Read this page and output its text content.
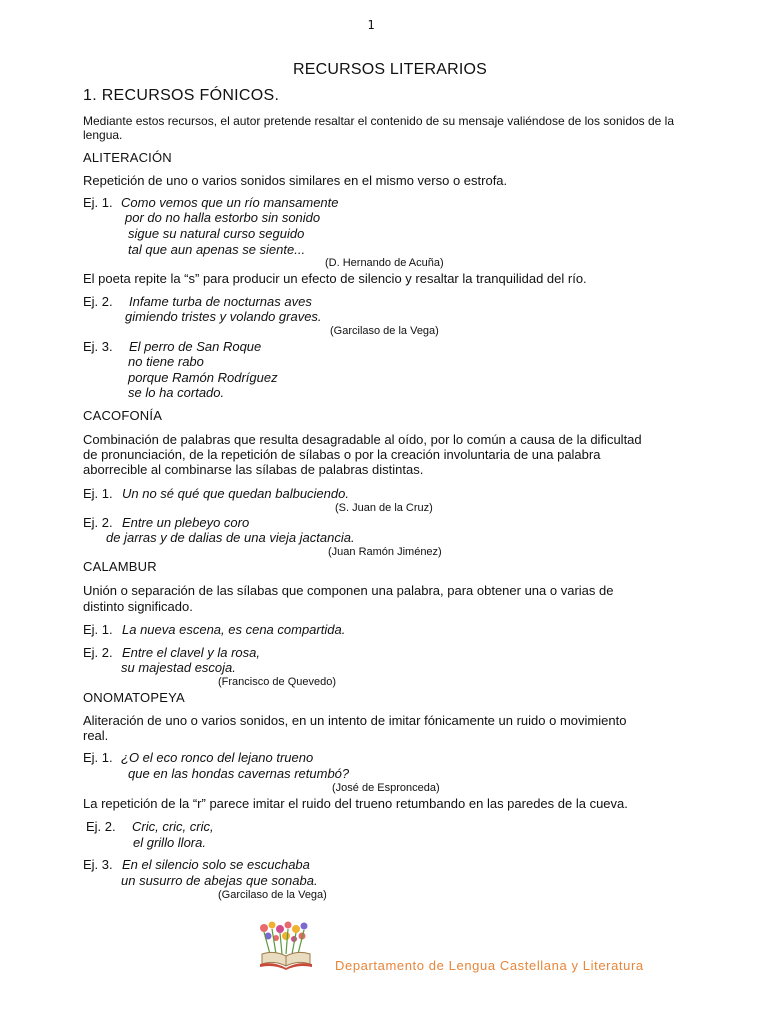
1
RECURSOS LITERARIOS
1. RECURSOS FÓNICOS.
Mediante estos recursos, el autor pretende resaltar el contenido de su mensaje valiéndose de los sonidos de la lengua.
ALITERACIÓN
Repetición de uno o varios sonidos similares en el mismo verso o estrofa.
Ej. 1. Como vemos que un río mansamente
por do no halla estorbo sin sonido
sigue su natural curso seguido
tal que aun apenas se siente...
(D. Hernando de Acuña)
El poeta repite la “s” para producir un efecto de silencio y resaltar la tranquilidad del río.
Ej. 2. Infame turba de nocturnas aves
gimiendo tristes y volando graves.
(Garcilaso de la Vega)
Ej. 3. El perro de San Roque
no tiene rabo
porque Ramón Rodríguez
se lo ha cortado.
CACOFONÍA
Combinación de palabras que resulta desagradable al oído, por lo común a causa de la dificultad
de pronunciación, de la repetición de sílabas o por la creación involuntaria de una palabra
aborrecible al combinarse las sílabas de palabras distintas.
Ej. 1. Un no sé qué que quedan balbuciendo.
(S. Juan de la Cruz)
Ej. 2. Entre un plebeyo coro
de jarras y de dalias de una vieja jactancia.
(Juan Ramón Jiménez)
CALAMBUR
Unión o separación de las sílabas que componen una palabra, para obtener una o varias de
distinto significado.
Ej. 1. La nueva escena, es cena compartida.
Ej. 2. Entre el clavel y la rosa,
su majestad escoja.
(Francisco de Quevedo)
ONOMATOPEYA
Aliteración de uno o varios sonidos, en un intento de imitar fónicamente un ruido o movimiento
real.
Ej. 1. ¿O el eco ronco del lejano trueno
que en las hondas cavernas retumbó?
(José de Espronceda)
La repetición de la “r” parece imitar el ruido del trueno retumbando en las paredes de la cueva.
Ej. 2. Cric, cric, cric,
el grillo llora.
Ej. 3. En el silencio solo se escuchaba
un susurro de abejas que sonaba.
(Garcilaso de la Vega)
Departamento de Lengua Castellana y Literatura
